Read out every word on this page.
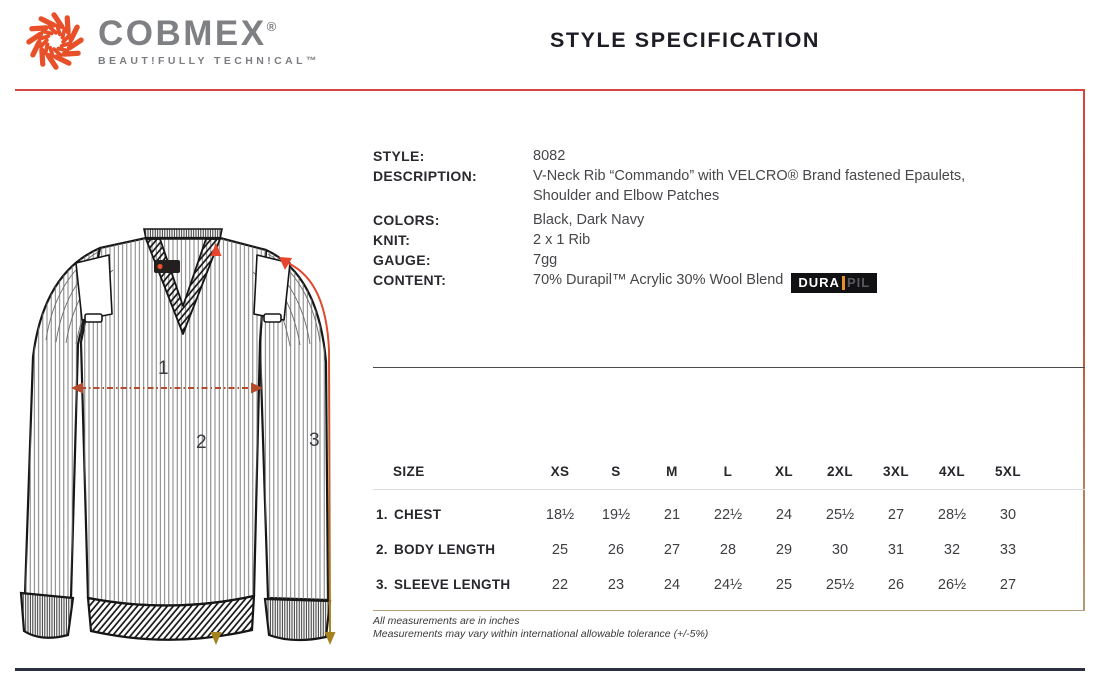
COBMEX®
BEAUT!FULLY TECHN!CAL™
STYLE SPECIFICATION
1
2	3
STYLE:	8082
DESCRIPTION:	V-Neck Rib “Commando” with VELCRO® Brand fastened Epaulets,
Shoulder and Elbow Patches
COLORS:	Black, Dark Navy
KNIT:	2 x 1 Rib
GAUGE:	7gg
CONTENT:	70% Durapil™ Acrylic 30% Wool Blend DURA PIL
SIZE	XS	S	M	L	XL	2XL	3XL	4XL	5XL
1. CHEST	18½	19½	21	22½	24	25½	27	28½	30
2. BODY LENGTH	25	26	27	28	29	30	31	32	33
3. SLEEVE LENGTH	22	23	24	24½	25	25½	26	26½	27
All measurements are in inches
Measurements may vary within international allowable tolerance (+/-5%)
